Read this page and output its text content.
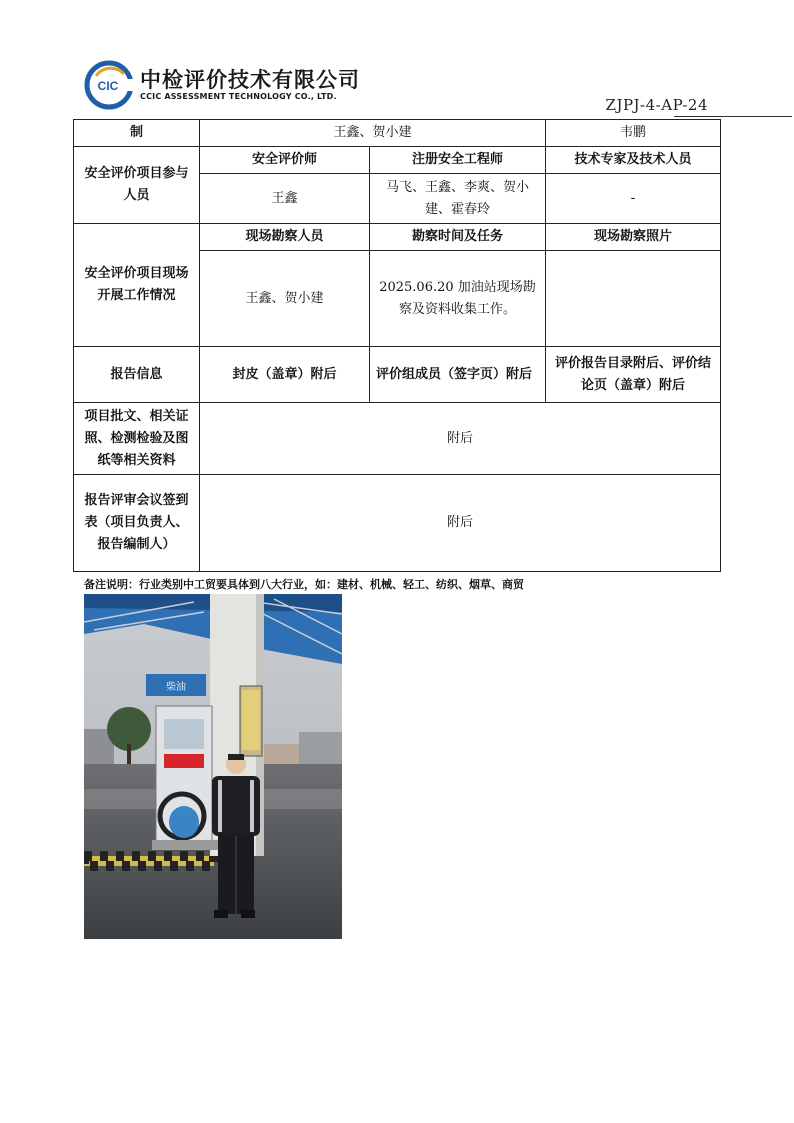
CIC 中检评价技术有限公司
CCIC ASSESSMENT TECHNOLOGY CO., LTD.	ZJPJ-4-AP-24
制	王鑫、贺小建		韦鹏
安全评价项目参与人员	安全评价师	注册安全工程师	技术专家及技术人员
	王鑫	马飞、王鑫、李爽、贺小建、霍春玲	-
安全评价项目现场开展工作情况	现场勘察人员	勘察时间及任务	现场勘察照片
	王鑫、贺小建	2025.06.20 加油站现场勘察及资料收集工作。	
报告信息	封皮（盖章）附后	评价组成员（签字页）附后	评价报告目录附后、评价结论页（盖章）附后
项目批文、相关证照、检测检验及图纸等相关资料	附后		
报告评审会议签到表（项目负责人、报告编制人）	附后		
备注说明：行业类别中工贸要具体到八大行业，如：建材、机械、轻工、纺织、烟草、商贸
柴油
